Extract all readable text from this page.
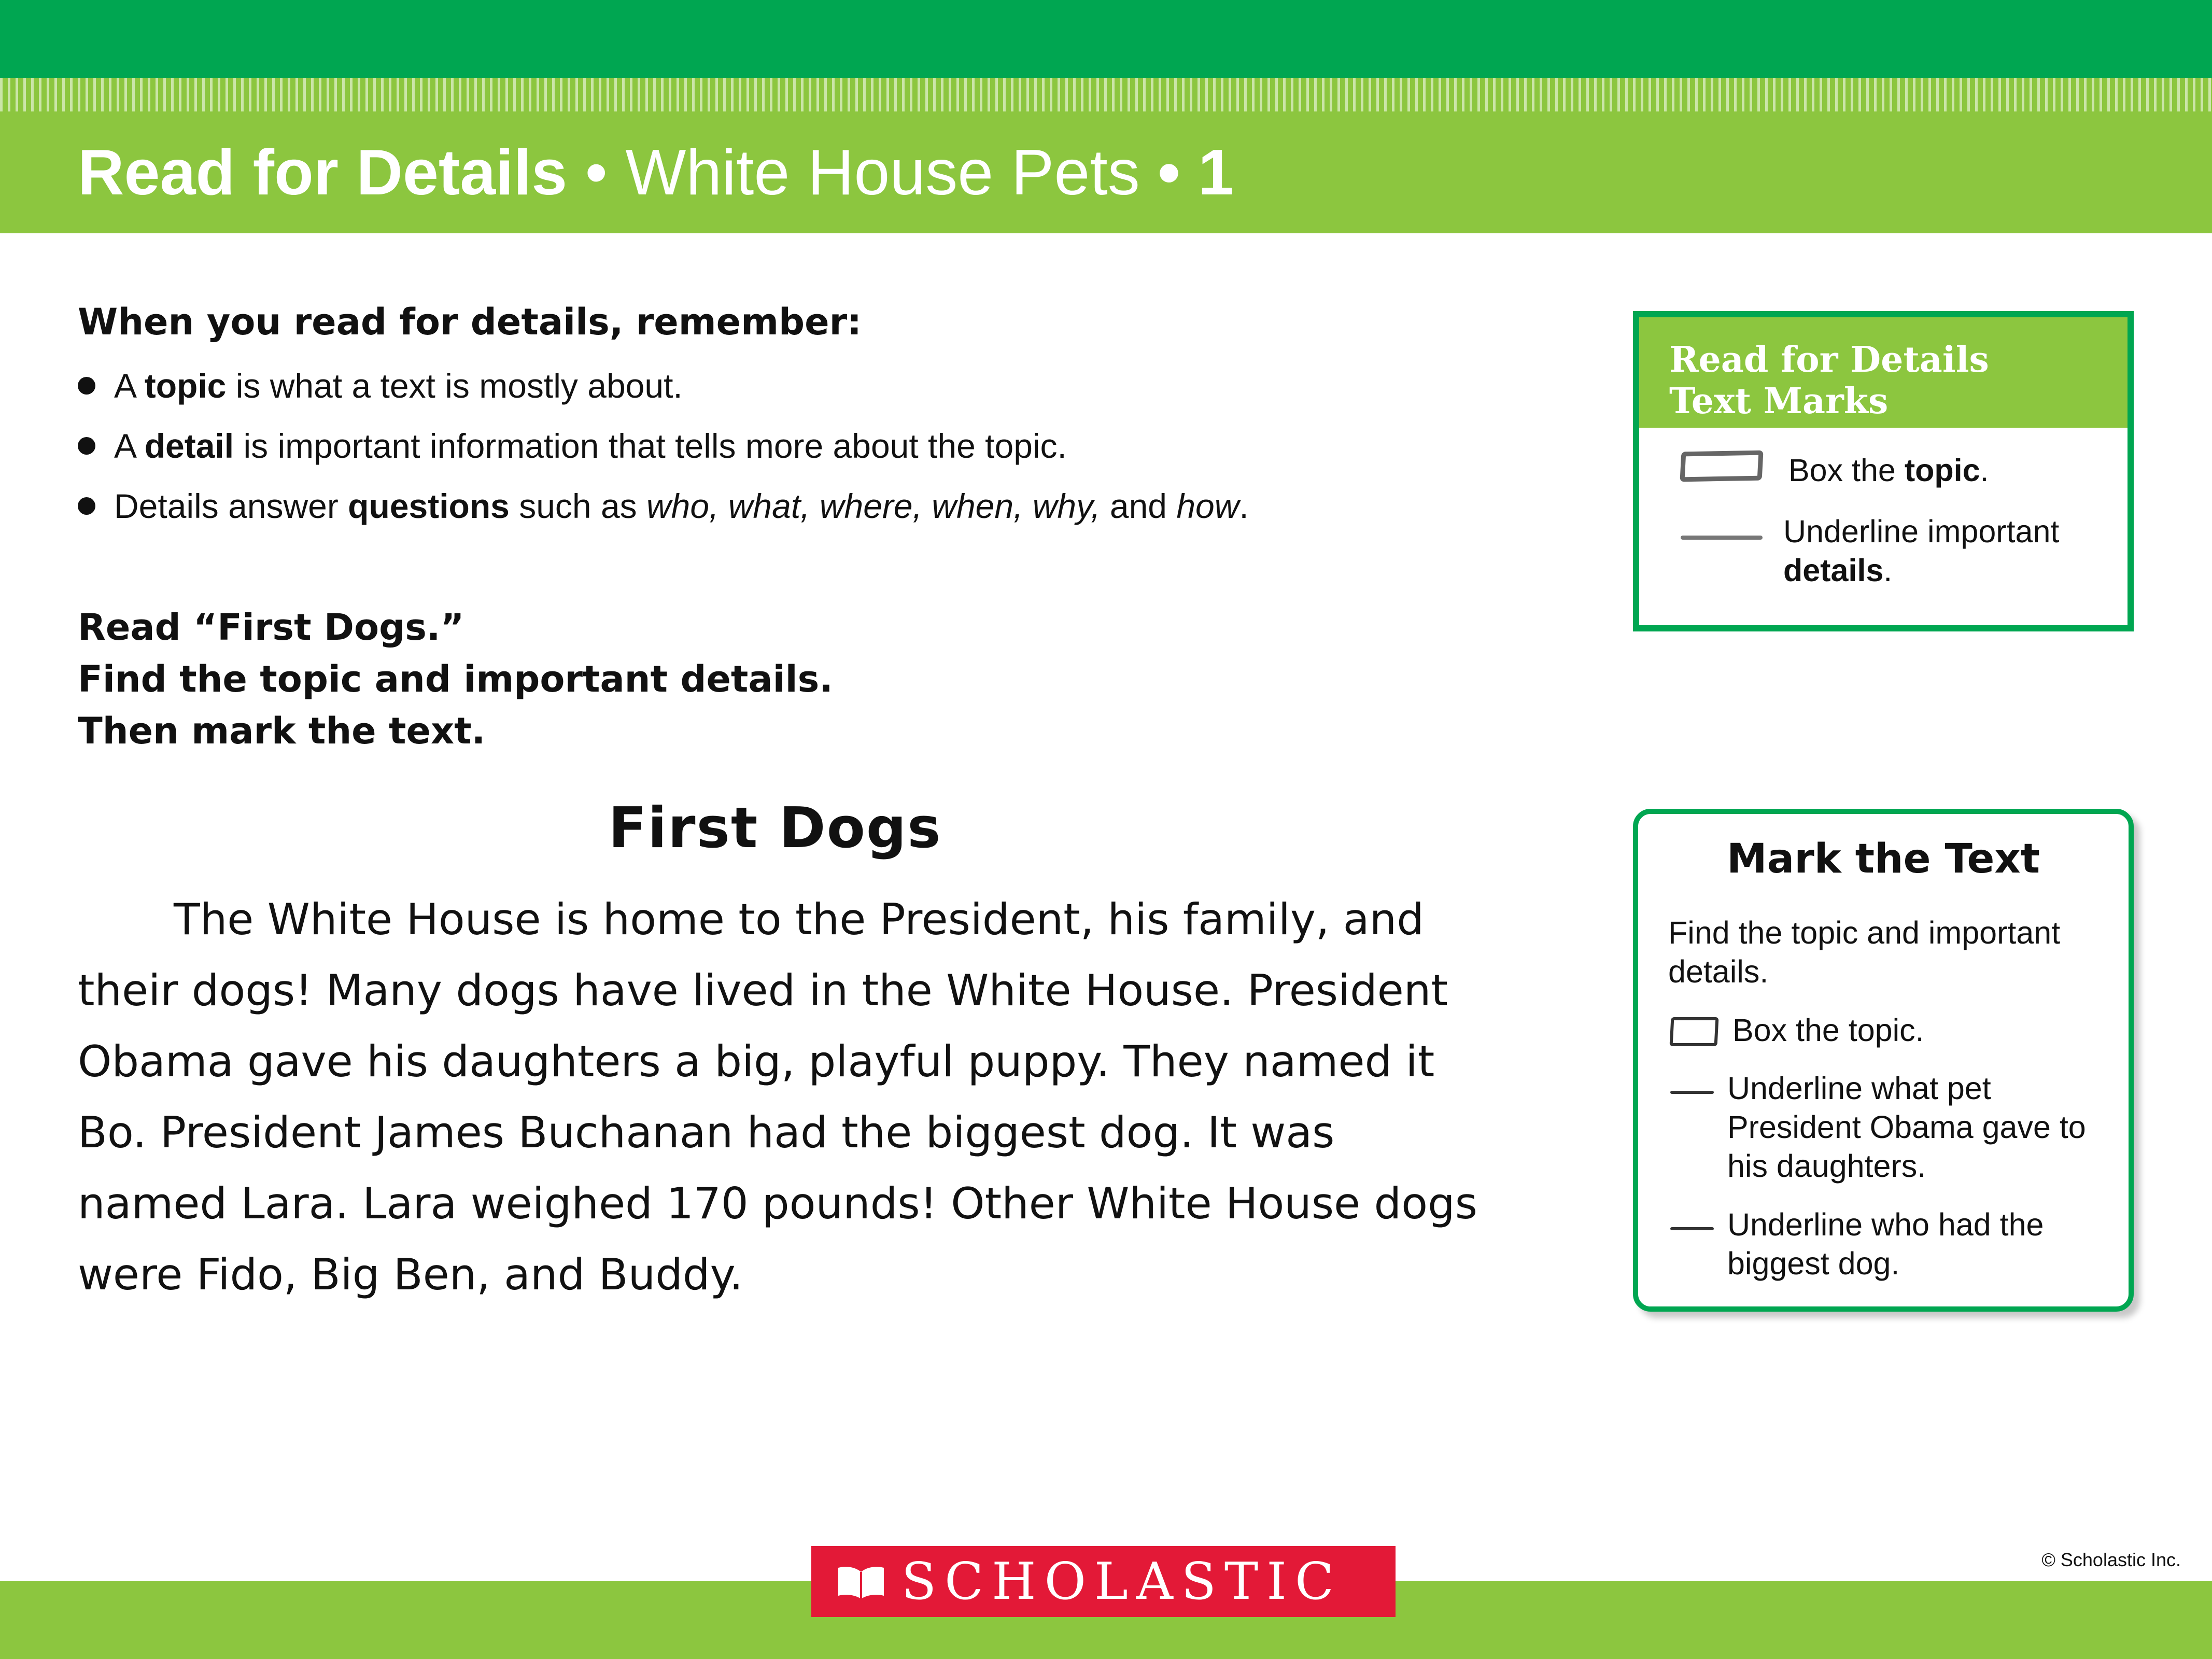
Read for Details • White House Pets • 1
When you read for details, remember:
A topic is what a text is mostly about.
A detail is important information that tells more about the topic.
Details answer questions such as who, what, where, when, why, and how.
Read “First Dogs.”
Find the topic and important details.
Then mark the text.
First Dogs

The White House is home to the President, his family, and their dogs! Many dogs have lived in the White House. President Obama gave his daughters a big, playful puppy. They named it Bo. President James Buchanan had the biggest dog. It was named Lara. Lara weighed 170 pounds! Other White House dogs were Fido, Big Ben, and Buddy.

Read for Details
Text Marks
Box the topic.
Underline important details.
Mark the Text
Find the topic and important details.
Box the topic.
Underline what pet President Obama gave to his daughters.
Underline who had the biggest dog.
SCHOLASTIC	© Scholastic Inc.
